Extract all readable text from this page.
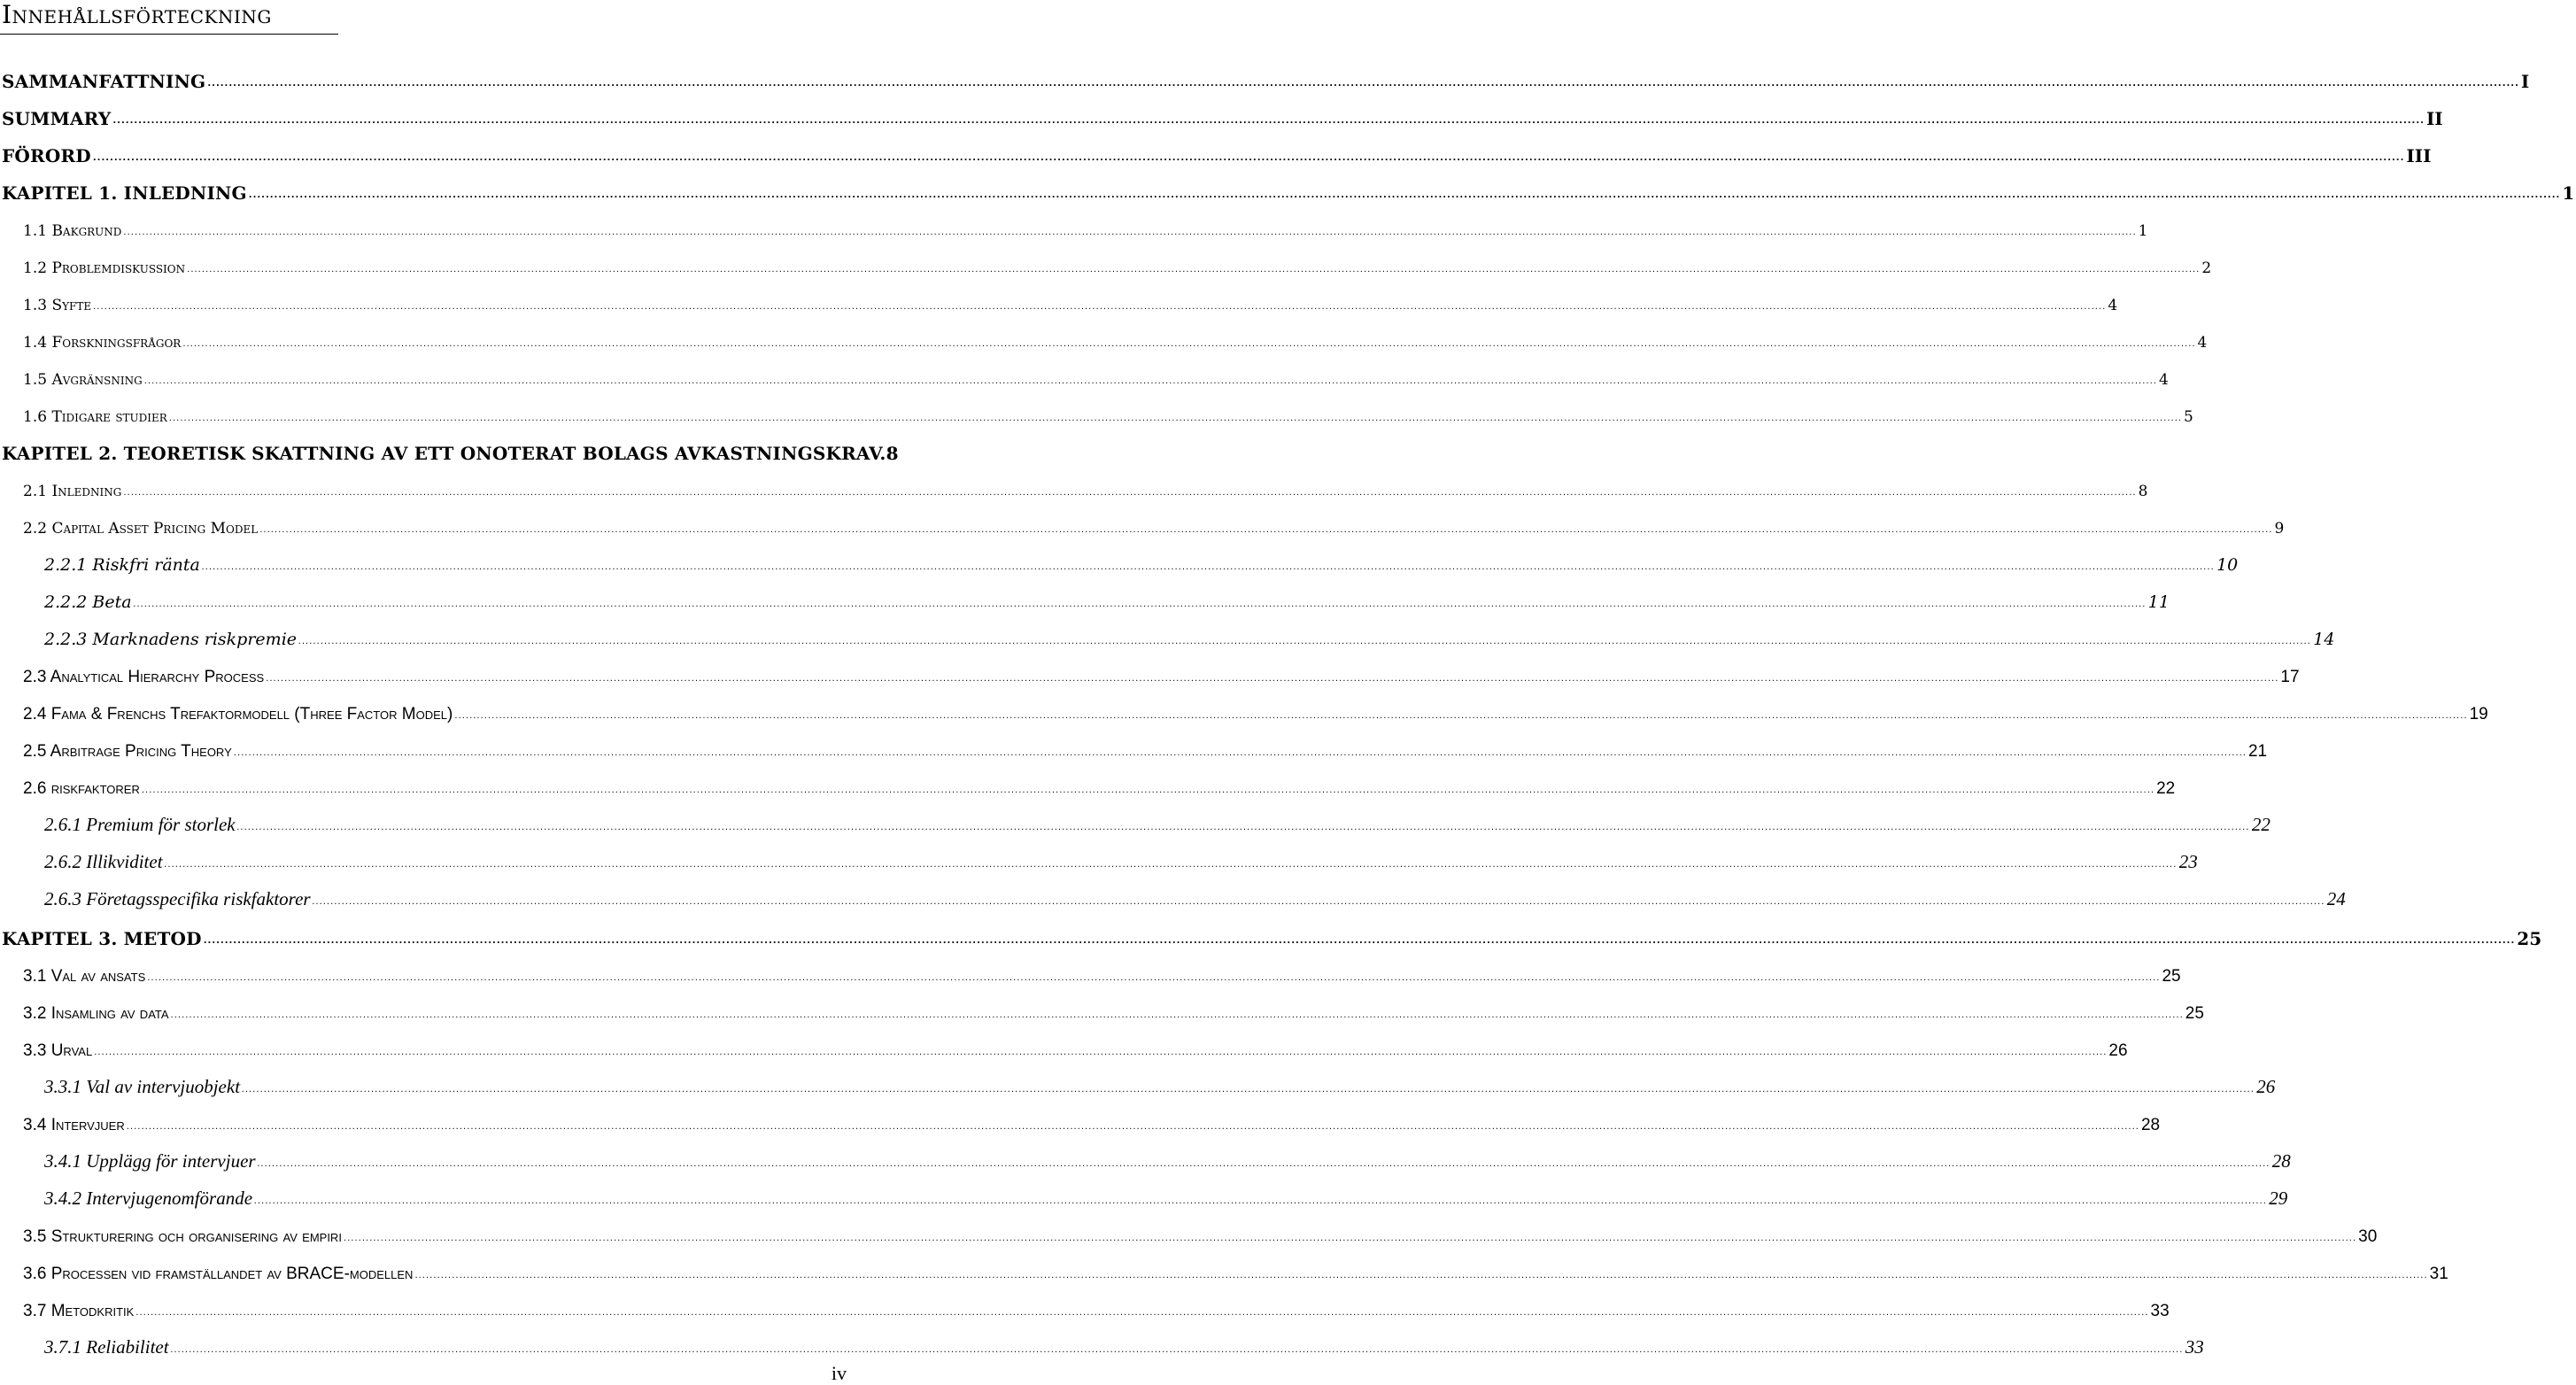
Innehållsförteckning
SAMMANFATTNING .....	I
SUMMARY .....	II
FÖRORD .....	III
KAPITEL 1. INLEDNING .....	1
1.1 Bakgrund .....	1
1.2 Problemdiskussion .....	2
1.3 Syfte .....	4
1.4 Forskningsfrågor .....	4
1.5 Avgränsning .....	4
1.6 Tidigare studier .....	5
KAPITEL 2. TEORETISK SKATTNING AV ETT ONOTERAT BOLAGS AVKASTNINGSKRAV. 8
2.1 Inledning .....	8
2.2 Capital Asset Pricing Model .....	9
2.2.1 Riskfri ränta .....	10
2.2.2 Beta .....	11
2.2.3 Marknadens riskpremie .....	14
2.3 Analytical Hierarchy Process .....	17
2.4 Fama & Frenchs Trefaktormodell (Three Factor Model) .....	19
2.5 Arbitrage Pricing Theory .....	21
2.6 riskfaktorer .....	22
2.6.1 Premium för storlek .....	22
2.6.2 Illikviditet .....	23
2.6.3 Företagsspecifika riskfaktorer .....	24
KAPITEL 3. METOD .....	25
3.1 Val av ansats .....	25
3.2 Insamling av data .....	25
3.3 Urval .....	26
3.3.1 Val av intervjuobjekt .....	26
3.4 Intervjuer .....	28
3.4.1 Upplägg för intervjuer .....	28
3.4.2 Intervjugenomförande .....	29
3.5 Strukturering och organisering av empiri .....	30
3.6 Processen vid framställandet av BRACE-modellen .....	31
3.7 Metodkritik .....	33
3.7.1 Reliabilitet .....	33
iv
